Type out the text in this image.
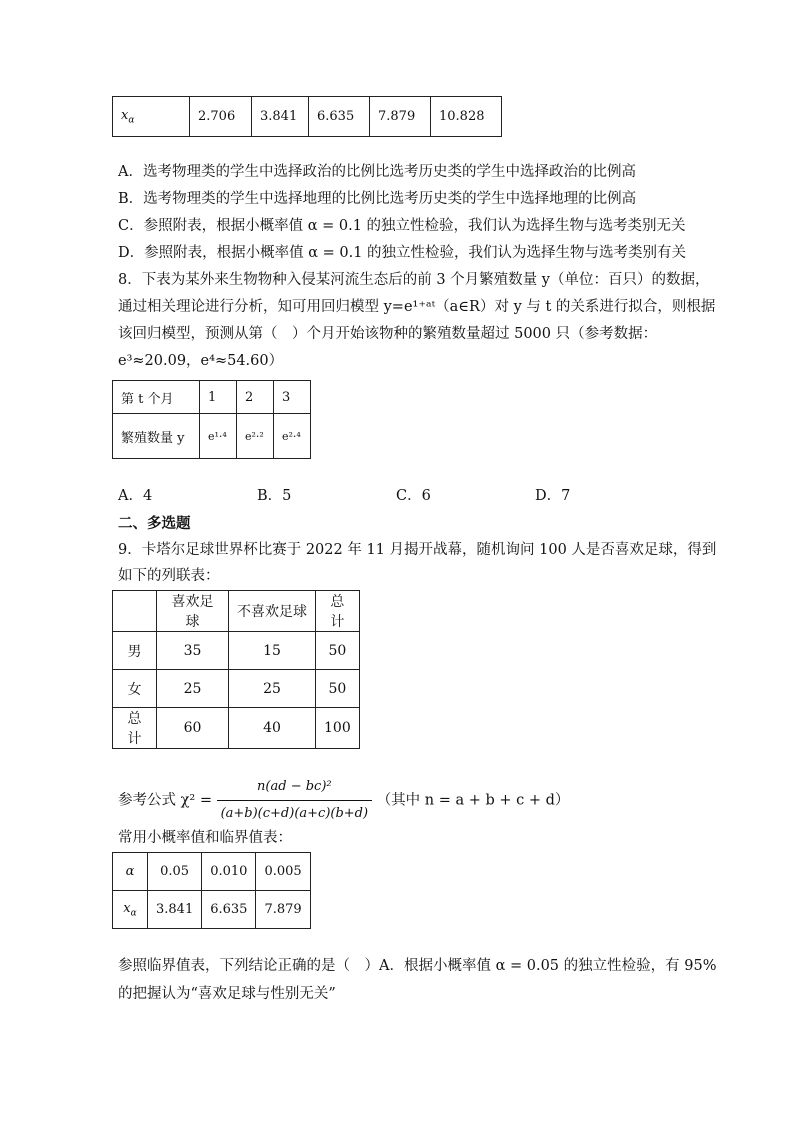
$x_\alpha$	2.706	3.841	6.635	7.879	10.828
A．选考物理类的学生中选择政治的比例比选考历史类的学生中选择政治的比例高
B．选考物理类的学生中选择地理的比例比选考历史类的学生中选择地理的比例高
C．参照附表，根据小概率值 α = 0.1 的独立性检验，我们认为选择生物与选考类别无关
D．参照附表，根据小概率值 α = 0.1 的独立性检验，我们认为选择生物与选考类别有关
8．下表为某外来生物物种入侵某河流生态后的前 3 个月繁殖数量 y（单位：百只）的数据，
通过相关理论进行分析，知可用回归模型 y=e¹⁺ᵃᵗ（a∈R）对 y 与 t 的关系进行拟合，则根据
该回归模型，预测从第（　）个月开始该物种的繁殖数量超过 5000 只（参考数据：
e³≈20.09，e⁴≈54.60）
第 t 个月	1	2	3
繁殖数量 y	e¹·⁴	e²·²	e²·⁴
A．4	B．5	C．6	D．7
二、多选题
9．卡塔尔足球世界杯比赛于 2022 年 11 月揭开战幕，随机询问 100 人是否喜欢足球，得到
如下的列联表：
	喜欢足球	不喜欢足球	总计
男	35	15	50
女	25	25	50
总计	60	40	100
参考公式 $\chi^2 = \frac{\text{n(ad − bc)²}}{(a+b)(c+d)(a+c)(b+d)}$ （其中 n = a + b + c + d）
常用小概率值和临界值表：
α	0.05	0.010	0.005
$x_\alpha$	3.841	6.635	7.879
参照临界值表，下列结论正确的是（　）A．根据小概率值 α = 0.05 的独立性检验，有 95%
的把握认为“喜欢足球与性别无关”
